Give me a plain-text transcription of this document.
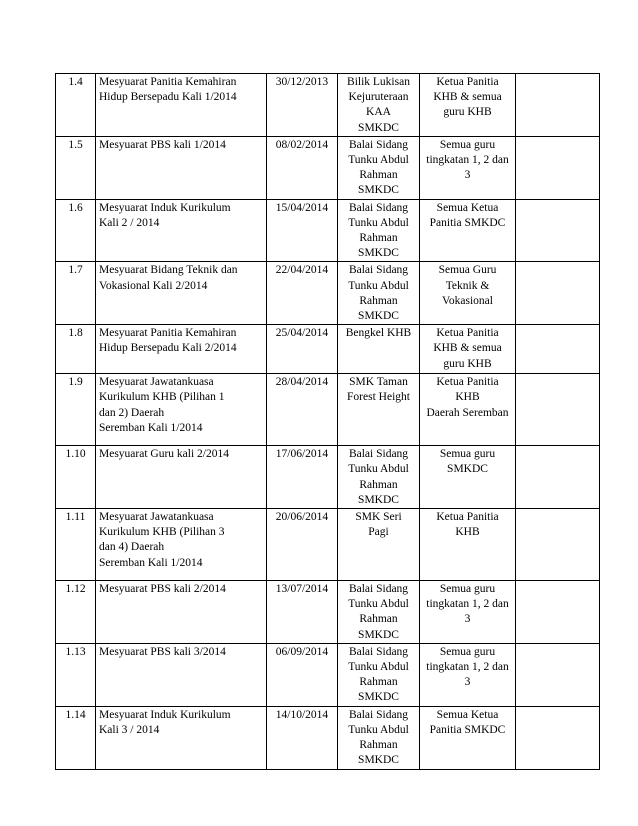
1.4	Mesyuarat Panitia Kemahiran
Hidup Bersepadu Kali 1/2014	30/12/2013	Bilik Lukisan
Kejuruteraan
KAA
SMKDC	Ketua Panitia
KHB & semua
guru KHB	

1.5	Mesyuarat PBS kali 1/2014	08/02/2014	Balai Sidang
Tunku Abdul
Rahman
SMKDC	Semua guru
tingkatan 1, 2 dan
3	

1.6	Mesyuarat Induk Kurikulum
Kali 2 / 2014	15/04/2014	Balai Sidang
Tunku Abdul
Rahman
SMKDC	Semua Ketua
Panitia SMKDC	

1.7	Mesyuarat Bidang Teknik dan
Vokasional Kali 2/2014	22/04/2014	Balai Sidang
Tunku Abdul
Rahman
SMKDC	Semua Guru
Teknik &
Vokasional	

1.8	Mesyuarat Panitia Kemahiran
Hidup Bersepadu Kali 2/2014	25/04/2014	Bengkel KHB	Ketua Panitia
KHB & semua
guru KHB	

1.9	Mesyuarat Jawatankuasa
Kurikulum KHB (Pilihan 1
dan 2) Daerah
Seremban Kali 1/2014	28/04/2014	SMK Taman
Forest Height	Ketua Panitia
KHB
Daerah Seremban	

1.10	Mesyuarat Guru kali 2/2014	17/06/2014	Balai Sidang
Tunku Abdul
Rahman
SMKDC	Semua guru
SMKDC	

1.11	Mesyuarat Jawatankuasa
Kurikulum KHB (Pilihan 3
dan 4) Daerah
Seremban Kali 1/2014	20/06/2014	SMK Seri
Pagi	Ketua Panitia
KHB	

1.12	Mesyuarat PBS kali 2/2014	13/07/2014	Balai Sidang
Tunku Abdul
Rahman
SMKDC	Semua guru
tingkatan 1, 2 dan
3	

1.13	Mesyuarat PBS kali 3/2014	06/09/2014	Balai Sidang
Tunku Abdul
Rahman
SMKDC	Semua guru
tingkatan 1, 2 dan
3	

1.14	Mesyuarat Induk Kurikulum
Kali 3 / 2014	14/10/2014	Balai Sidang
Tunku Abdul
Rahman
SMKDC	Semua Ketua
Panitia SMKDC	
